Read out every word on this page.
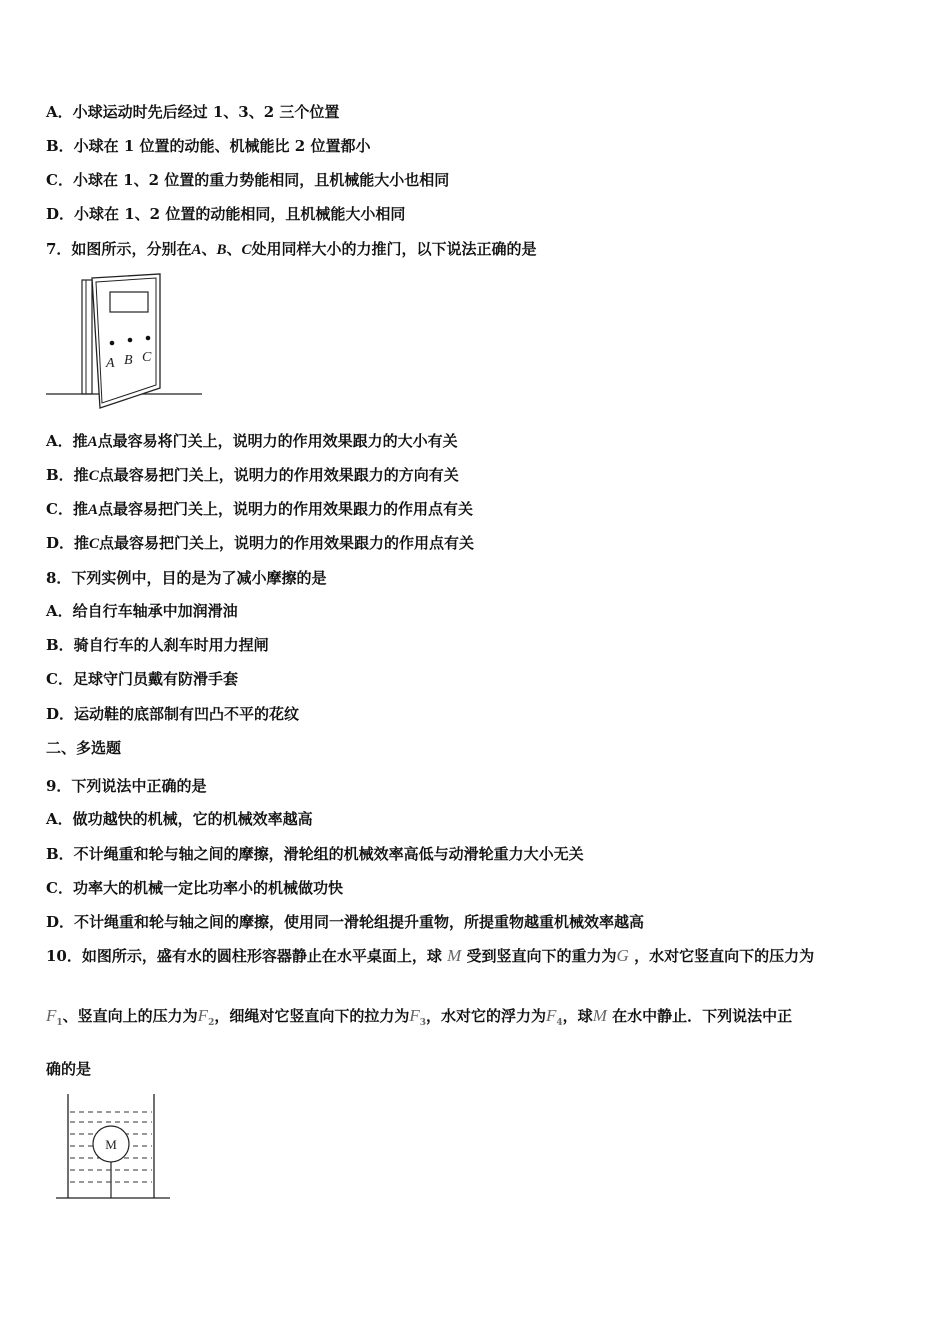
A．小球运动时先后经过 1、3、2 三个位置
B．小球在 1 位置的动能、机械能比 2 位置都小
C．小球在 1、2 位置的重力势能相同，且机械能大小也相同
D．小球在 1、2 位置的动能相同，且机械能大小相同
7．如图所示，分别在A、B、C处用同样大小的力推门，以下说法正确的是
A B C
A．推A点最容易将门关上，说明力的作用效果跟力的大小有关
B．推C点最容易把门关上，说明力的作用效果跟力的方向有关
C．推A点最容易把门关上，说明力的作用效果跟力的作用点有关
D．推C点最容易把门关上，说明力的作用效果跟力的作用点有关
8．下列实例中，目的是为了减小摩擦的是
A．给自行车轴承中加润滑油
B．骑自行车的人刹车时用力捏闸
C．足球守门员戴有防滑手套
D．运动鞋的底部制有凹凸不平的花纹
二、多选题
9．下列说法中正确的是
A．做功越快的机械，它的机械效率越高
B．不计绳重和轮与轴之间的摩擦，滑轮组的机械效率高低与动滑轮重力大小无关
C．功率大的机械一定比功率小的机械做功快
D．不计绳重和轮与轴之间的摩擦，使用同一滑轮组提升重物，所提重物越重机械效率越高
10．如图所示，盛有水的圆柱形容器静止在水平桌面上，球 M 受到竖直向下的重力为G ，水对它竖直向下的压力为
$F_1$、竖直向上的压力为$F_2$，细绳对它竖直向下的拉力为$F_3$，水对它的浮力为$F_4$，球M 在水中静止．下列说法中正
确的是
M
